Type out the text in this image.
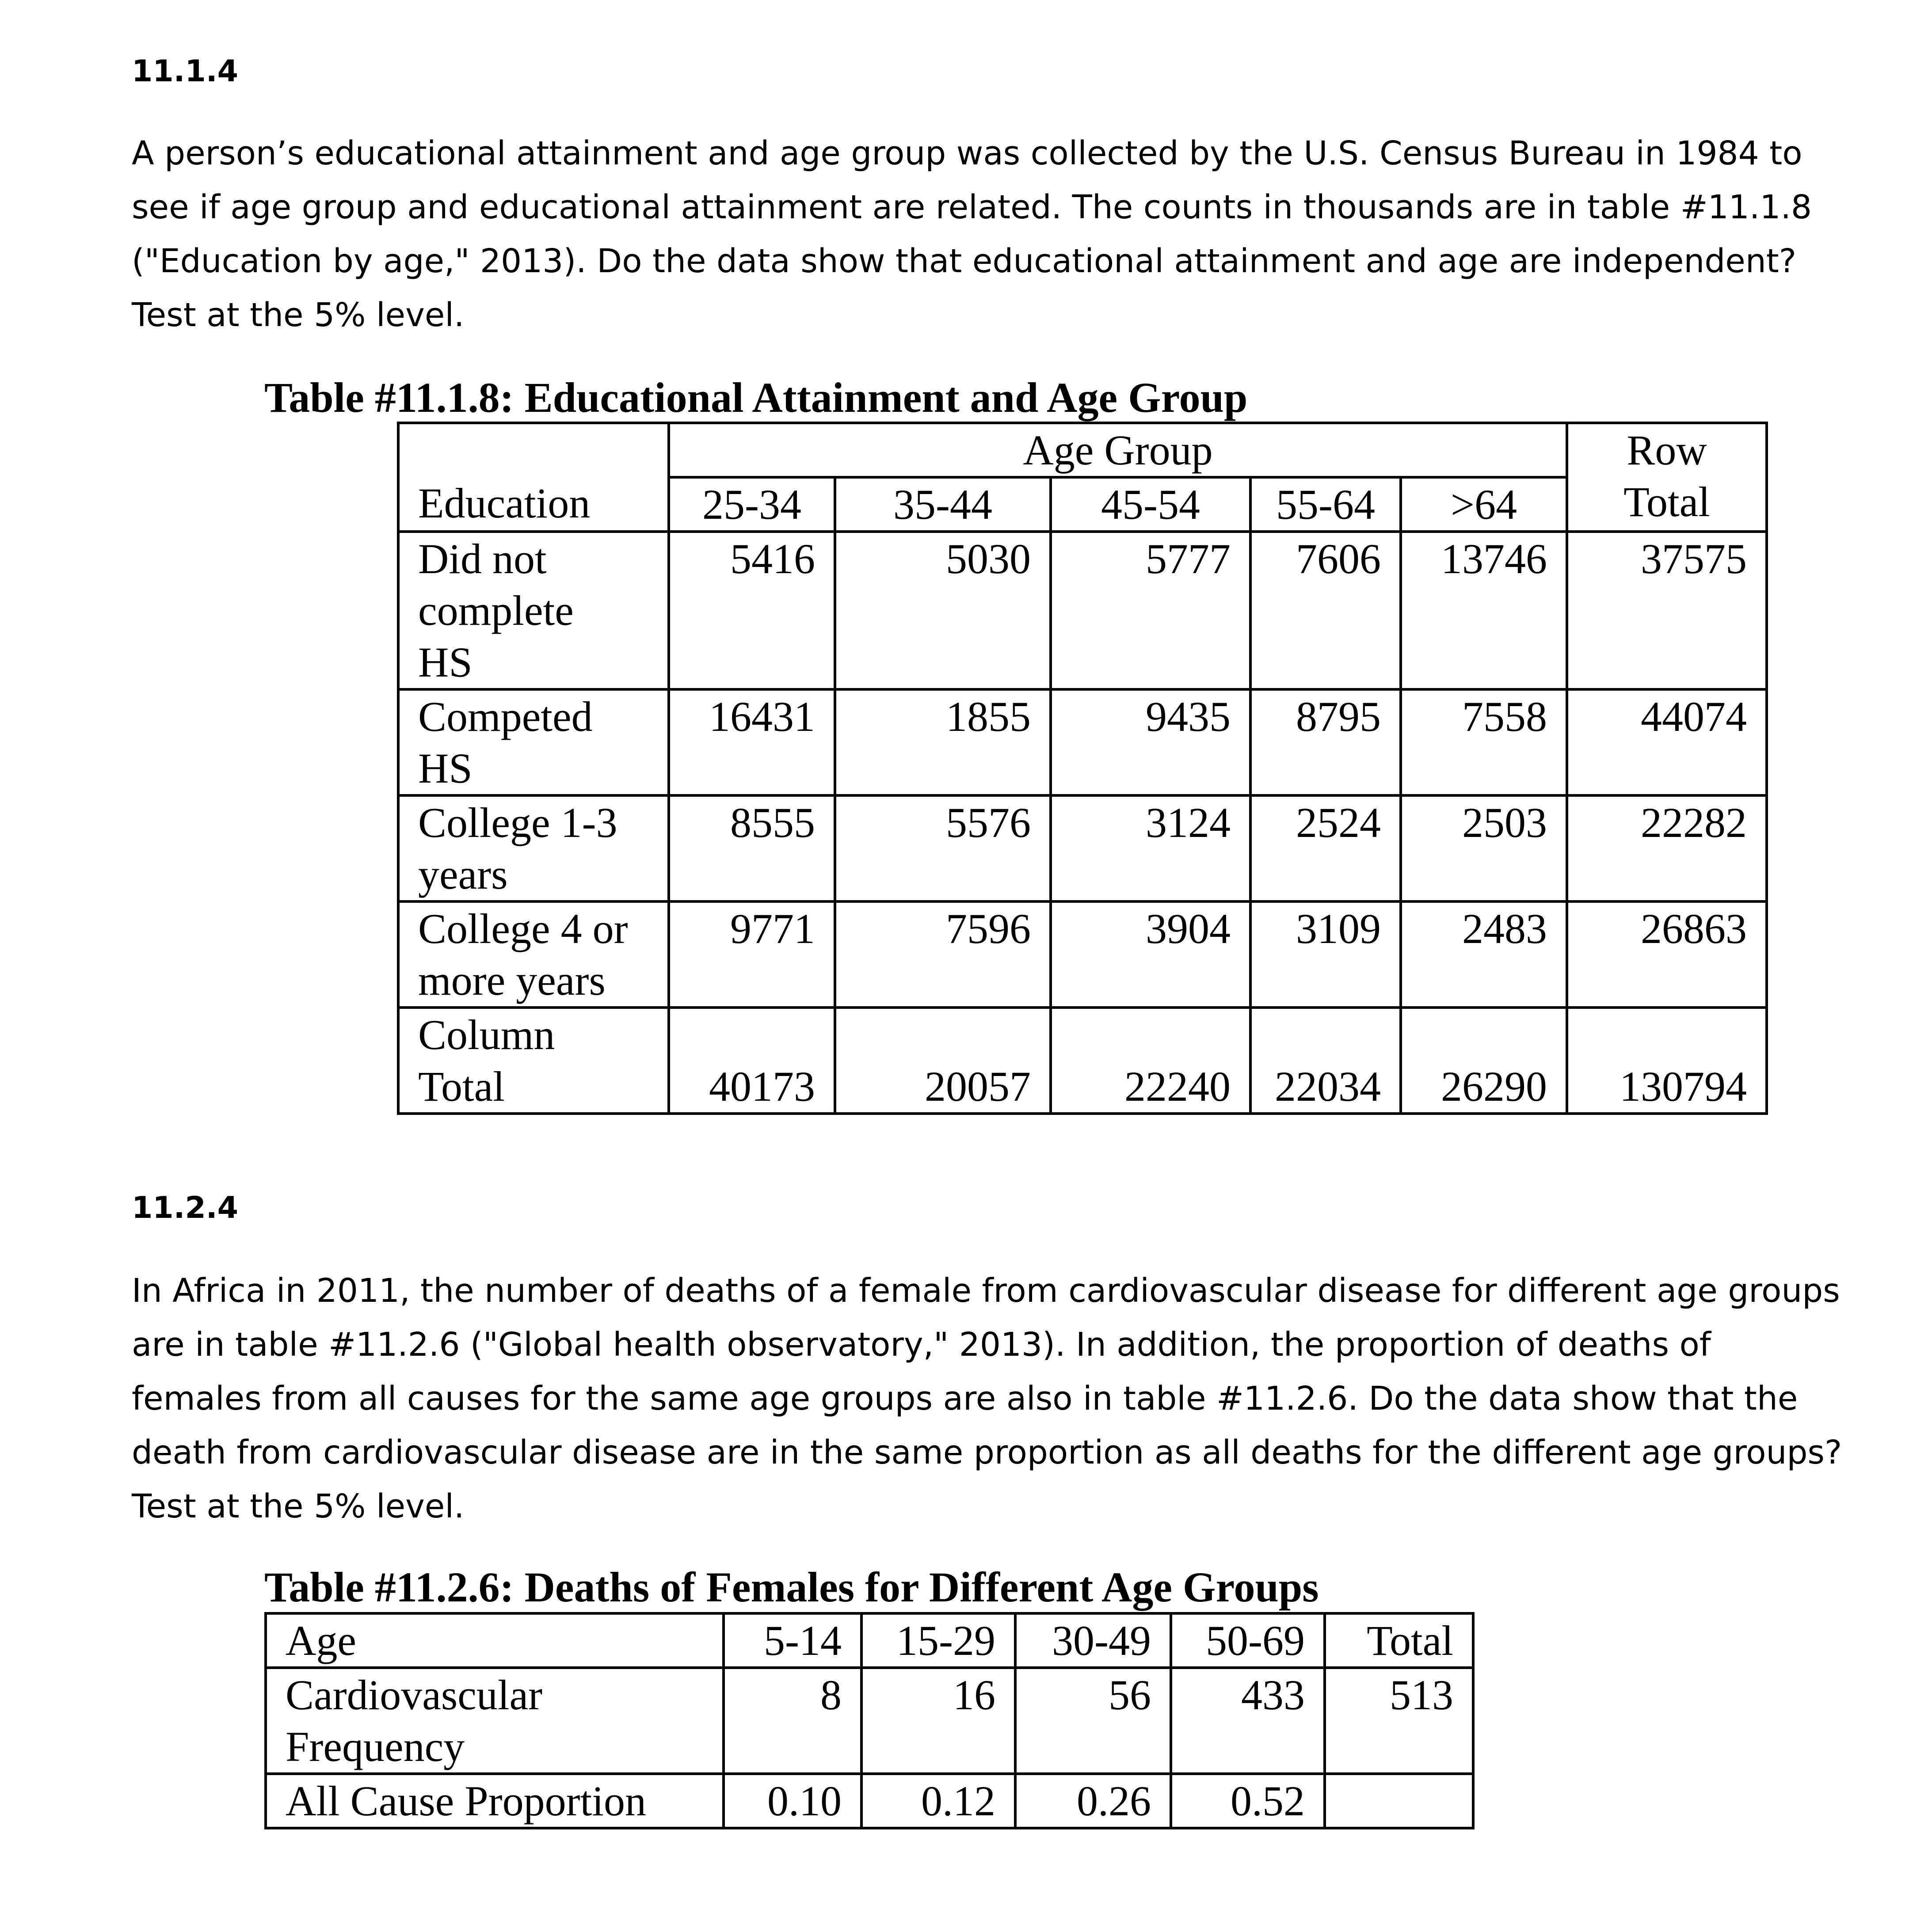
11.1.4

A person’s educational attainment and age group was collected by the U.S. Census Bureau in 1984 to
see if age group and educational attainment are related. The counts in thousands are in table #11.1.8
("Education by age," 2013). Do the data show that educational attainment and age are independent?
Test at the 5% level.

Table #11.1.8: Educational Attainment and Age Group

	Age Group					Row
Total

Education	25-34	35-44	45-54	55-64	>64	

Did not
complete
HS	5416	5030	5777	7606	13746	37575

Competed
HS	16431	1855	9435	8795	7558	44074

College 1-3
years	8555	5576	3124	2524	2503	22282

College 4 or
more years	9771	7596	3904	3109	2483	26863

Column
Total	40173	20057	22240	22034	26290	130794

11.2.4

In Africa in 2011, the number of deaths of a female from cardiovascular disease for different age groups
are in table #11.2.6 ("Global health observatory," 2013). In addition, the proportion of deaths of
females from all causes for the same age groups are also in table #11.2.6. Do the data show that the
death from cardiovascular disease are in the same proportion as all deaths for the different age groups?
Test at the 5% level.

Table #11.2.6: Deaths of Females for Different Age Groups

Age	5-14	15-29	30-49	50-69	Total

Cardiovascular
Frequency	8	16	56	433	513
All Cause Proportion	0.10	0.12	0.26	0.52	
